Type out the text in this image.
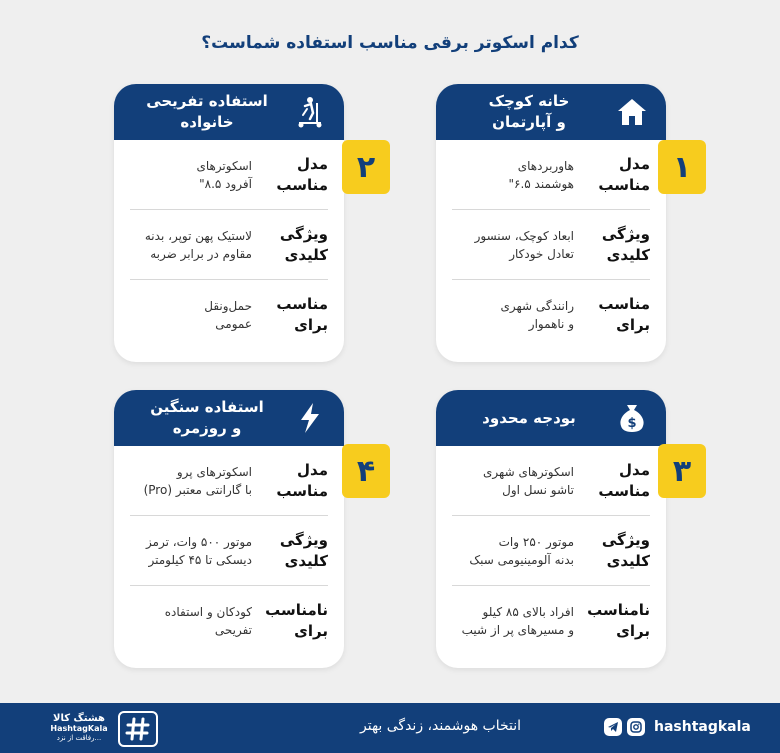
کدام اسکوتر برقی مناسب استفاده شماست؟
خانه کوچک
و آپارتمان
مدل
مناسب
هاوربردهای
هوشمند ۶.۵"
ویژگی
کلیدی
ابعاد کوچک، سنسور
تعادل خودکار
مناسب
برای
رانندگی شهری
و ناهموار
۱
استفاده تفریحی
خانواده
مدل
مناسب
اسکوترهای
آفرود ۸.۵"
ویژگی
کلیدی
لاستیک پهن توپر، بدنه
مقاوم در برابر ضربه
مناسب
برای
حمل‌ونقل
عمومی
۲
$
بودجه محدود
مدل
مناسب
اسکوترهای شهری
تاشو نسل اول
ویژگی
کلیدی
موتور ۲۵۰ وات
بدنه آلومینیومی سبک
نامناسب
برای
افراد بالای ۸۵ کیلو
و مسیرهای پر از شیب
۳
استفاده سنگین
و روزمره
مدل
مناسب
اسکوترهای پرو
با گارانتی معتبر (Pro)
ویژگی
کلیدی
موتور ۵۰۰ وات، ترمز
دیسکی تا ۴۵ کیلومتر
نامناسب
برای
کودکان و استفاده
تفریحی
۴
هشتگ کالا
HashtagKala
رفاقت از نزد...
انتخاب هوشمند، زندگی بهتر	hashtagkala
